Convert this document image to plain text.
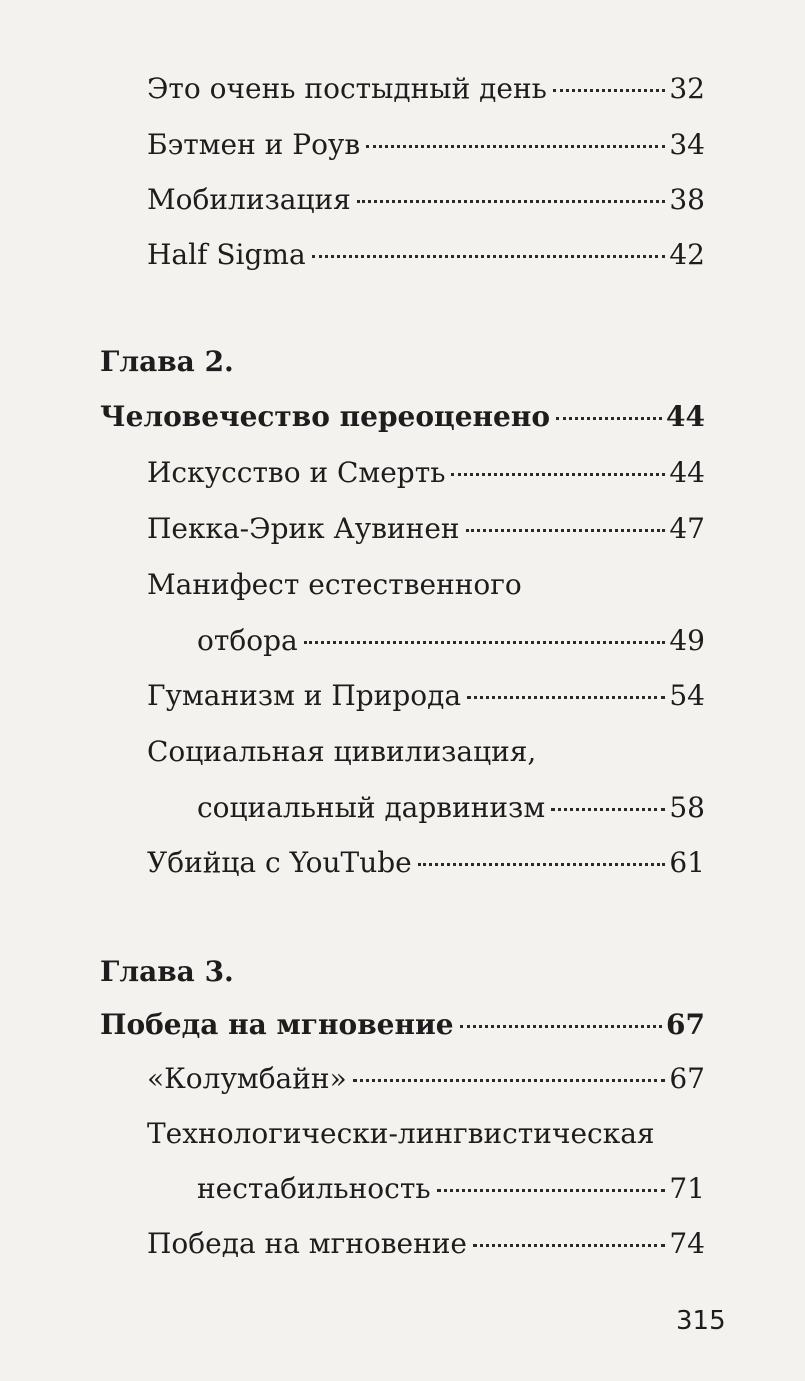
Это очень постыдный день	32
Бэтмен и Роув	34
Мобилизация	38
Half Sigma	42
Глава 2.
Человечество переоценено	44
Искусство и Смерть	44
Пекка-Эрик Аувинен	47
Манифест естественного
отбора	49
Гуманизм и Природа	54
Социальная цивилизация,
социальный дарвинизм	58
Убийца с YouTube	61
Глава 3.
Победа на мгновение	67
«Колумбайн»	67
Технологически-лингвистическая
нестабильность	71
Победа на мгновение	74
315
